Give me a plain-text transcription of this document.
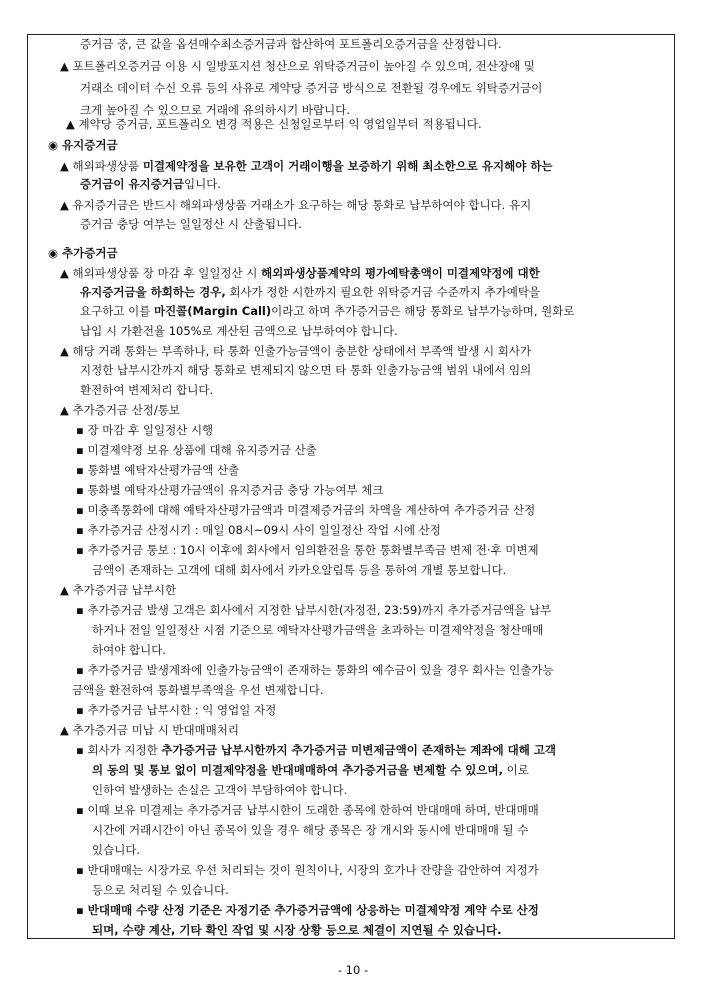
증거금 중, 큰 값을 옵션매수최소증거금과 합산하여 포트폴리오증거금을 산정합니다.
▲ 포트폴리오증거금 이용 시 일방포지션 청산으로 위탁증거금이 높아질 수 있으며, 전산장애 및
거래소 데이터 수신 오류 등의 사유로 계약당 증거금 방식으로 전환될 경우에도 위탁증거금이
크게 높아질 수 있으므로 거래에 유의하시기 바랍니다.
▲ 계약당 증거금, 포트폴리오 변경 적용은 신청일로부터 익 영업일부터 적용됩니다.
◉ 유지증거금
▲ 해외파생상품 미결제약정을 보유한 고객이 거래이행을 보증하기 위해 최소한으로 유지해야 하는
증거금이 유지증거금입니다.
▲ 유지증거금은 반드시 해외파생상품 거래소가 요구하는 해당 통화로 납부하여야 합니다. 유지
증거금 충당 여부는 일일정산 시 산출됩니다.
◉ 추가증거금
▲ 해외파생상품 장 마감 후 일일정산 시 해외파생상품계약의 평가예탁총액이 미결제약정에 대한
유지증거금을 하회하는 경우, 회사가 정한 시한까지 필요한 위탁증거금 수준까지 추가예탁을
요구하고 이를 마진콜(Margin Call)이라고 하며 추가증거금은 해당 통화로 납부가능하며, 원화로
납입 시 가환전율 105%로 계산된 금액으로 납부하여야 합니다.
▲ 해당 거래 통화는 부족하나, 타 통화 인출가능금액이 충분한 상태에서 부족액 발생 시 회사가
지정한 납부시간까지 해당 통화로 변제되지 않으면 타 통화 인출가능금액 범위 내에서 임의
환전하여 변제처리 합니다.
▲ 추가증거금 산정/통보
▪ 장 마감 후 일일정산 시행
▪ 미결제약정 보유 상품에 대해 유지증거금 산출
▪ 통화별 예탁자산평가금액 산출
▪ 통화별 예탁자산평가금액이 유지증거금 충당 가능여부 체크
▪ 미충족통화에 대해 예탁자산평가금액과 미결제증거금의 차액을 계산하여 추가증거금 산정
▪ 추가증거금 산정시기 : 매일 08시~09시 사이 일일정산 작업 시에 산정
▪ 추가증거금 통보 : 10시 이후에 회사에서 임의환전을 통한 통화별부족금 변제 전·후 미변제
금액이 존재하는 고객에 대해 회사에서 카카오알림톡 등을 통하여 개별 통보합니다.
▲ 추가증거금 납부시한
▪ 추가증거금 발생 고객은 회사에서 지정한 납부시한(자정전, 23:59)까지 추가증거금액을 납부
하거나 전일 일일정산 시점 기준으로 예탁자산평가금액을 초과하는 미결제약정을 청산매매
하여야 합니다.
▪ 추가증거금 발생계좌에 인출가능금액이 존재하는 통화의 예수금이 있을 경우 회사는 인출가능
금액을 환전하여 통화별부족액을 우선 변제합니다.
▪ 추가증거금 납부시한 : 익 영업일 자정
▲ 추가증거금 미납 시 반대매매처리
▪ 회사가 지정한 추가증거금 납부시한까지 추가증거금 미변제금액이 존재하는 계좌에 대해 고객
의 동의 및 통보 없이 미결제약정을 반대매매하여 추가증거금을 변제할 수 있으며, 이로
인하여 발생하는 손실은 고객이 부담하여야 합니다.
▪ 이때 보유 미결제는 추가증거금 납부시한이 도래한 종목에 한하여 반대매매 하며, 반대매매
시간에 거래시간이 아닌 종목이 있을 경우 해당 종목은 장 개시와 동시에 반대매매 될 수
있습니다.
▪ 반대매매는 시장가로 우선 처리되는 것이 원칙이나, 시장의 호가나 잔량을 감안하여 지정가
등으로 처리될 수 있습니다.
▪ 반대매매 수량 산정 기준은 자정기준 추가증거금액에 상응하는 미결제약정 계약 수로 산정
되며, 수량 계산, 기타 확인 작업 및 시장 상황 등으로 체결이 지연될 수 있습니다.
- 10 -
